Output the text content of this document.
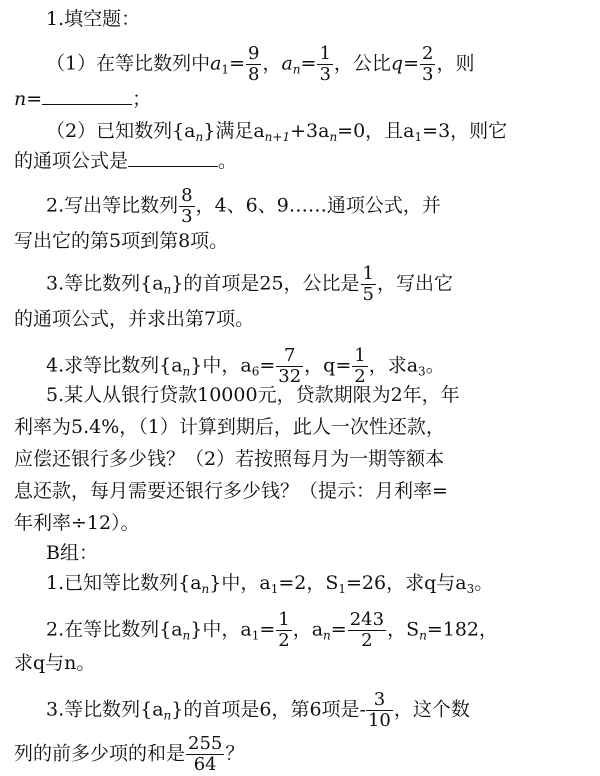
1.填空题：
（1）在等比数列中$a_1= \frac{9}{8}$ ，$a_n= \frac{1}{3}$ ，公比$q= \frac{2}{3}$ ，则
n=	；
（2）已知数列$\{a_n\}$满足$a_{n+1}+3a_n=0$，且$a_1=3$，则它
的通项公式是	。
2.写出等比数列 $\frac{8}{3}$ ，4、6、9……通项公式，并
写出它的第5项到第8项。
3.等比数列$\{a_n\}$的首项是25，公比是 $\frac{1}{5}$ ，写出它
的通项公式，并求出第7项。
4.求等比数列$\{a_n\}$中，$a_6= \frac{7}{32}$ ，$q= \frac{1}{2}$ ，求$a_3$。
5.某人从银行贷款10000元，贷款期限为2年，年
利率为5.4%，（1）计算到期后，此人一次性还款，
应偿还银行多少钱？（2）若按照每月为一期等额本
息还款，每月需要还银行多少钱？（提示：月利率=
年利率÷12）。
B组：
1.已知等比数列$\{a_n\}$中，$a_1=2$，$S_1=26$，求q与$a_3$。
2.在等比数列$\{a_n\}$中，$a_1= \frac{1}{2}$ ，$a_n= \frac{243}{2}$ ，$S_n=182$，
求q与n。
3.等比数列$\{a_n\}$的首项是6，第6项是- $\frac{3}{10}$ ，这个数
列的前多少项的和是 $\frac{255}{64}$ ？
